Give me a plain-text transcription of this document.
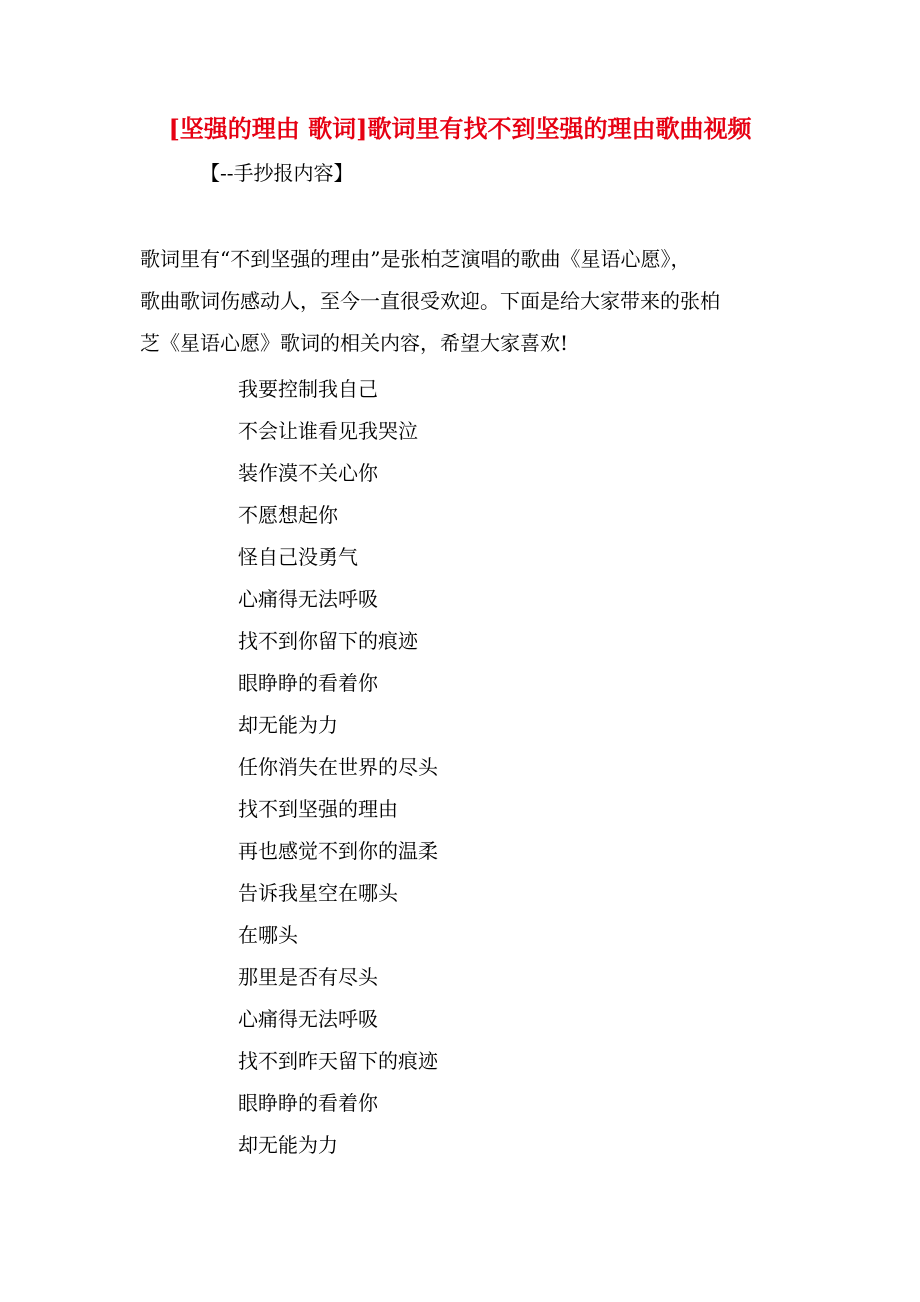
[坚强的理由 歌词]歌词里有找不到坚强的理由歌曲视频

【--手抄报内容】

歌词里有“不到坚强的理由”是张柏芝演唱的歌曲《星语心愿》，
歌曲歌词伤感动人，至今一直很受欢迎。下面是给大家带来的张柏
芝《星语心愿》歌词的相关内容，希望大家喜欢!
我要控制我自己
不会让谁看见我哭泣
装作漠不关心你
不愿想起你
怪自己没勇气
心痛得无法呼吸
找不到你留下的痕迹
眼睁睁的看着你
却无能为力
任你消失在世界的尽头
找不到坚强的理由
再也感觉不到你的温柔
告诉我星空在哪头
在哪头
那里是否有尽头
心痛得无法呼吸
找不到昨天留下的痕迹
眼睁睁的看着你
却无能为力
